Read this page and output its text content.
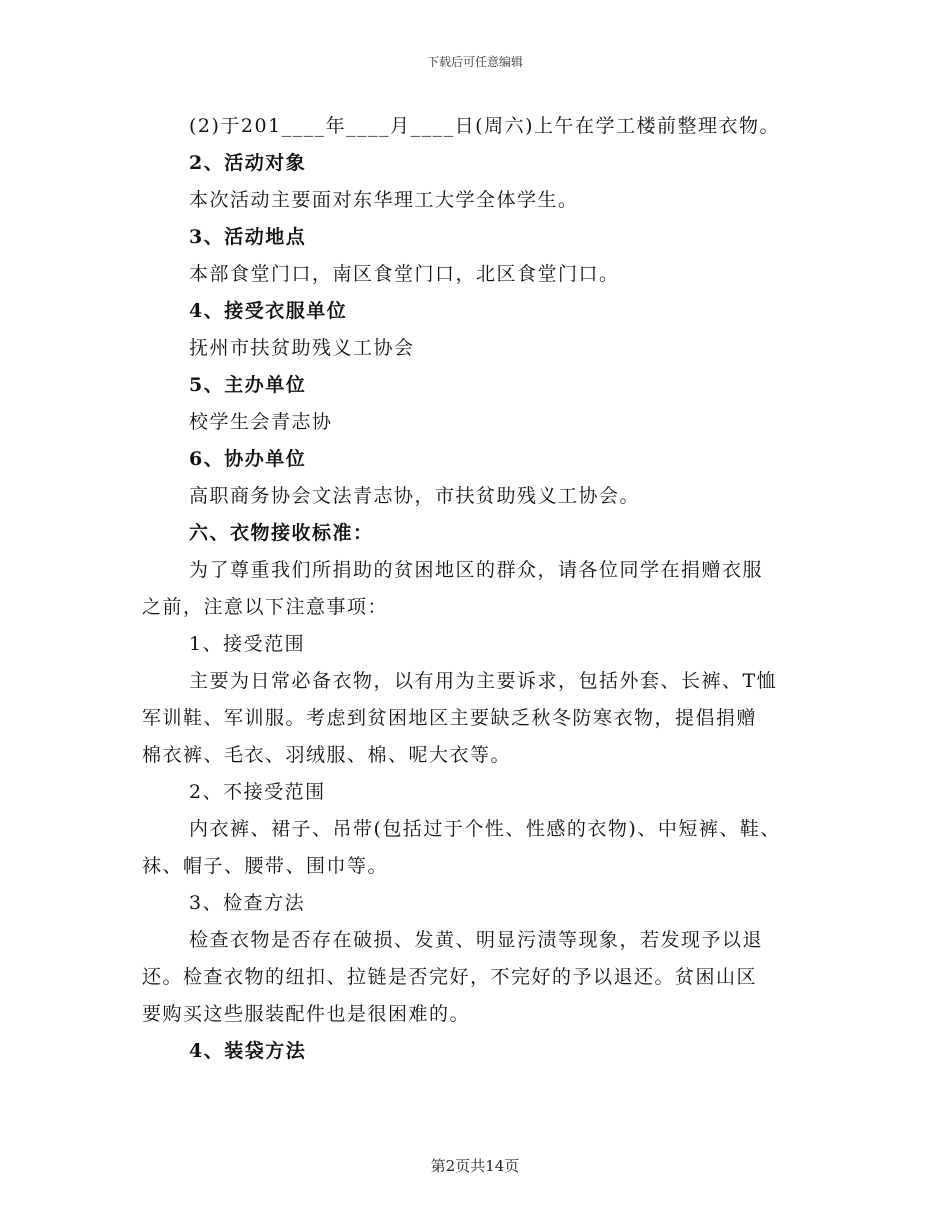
下载后可任意编辑
(2)于201____年____月____日(周六)上午在学工楼前整理衣物。
2、活动对象
本次活动主要面对东华理工大学全体学生。
3、活动地点
本部食堂门口，南区食堂门口，北区食堂门口。
4、接受衣服单位
抚州市扶贫助残义工协会
5、主办单位
校学生会青志协
6、协办单位
高职商务协会文法青志协，市扶贫助残义工协会。
六、衣物接收标准：
为了尊重我们所捐助的贫困地区的群众，请各位同学在捐赠衣服
之前，注意以下注意事项：
1、接受范围
主要为日常必备衣物，以有用为主要诉求，包括外套、长裤、T恤
军训鞋、军训服。考虑到贫困地区主要缺乏秋冬防寒衣物，提倡捐赠
棉衣裤、毛衣、羽绒服、棉、呢大衣等。
2、不接受范围
内衣裤、裙子、吊带(包括过于个性、性感的衣物)、中短裤、鞋、
袜、帽子、腰带、围巾等。
3、检查方法
检查衣物是否存在破损、发黄、明显污渍等现象，若发现予以退
还。检查衣物的纽扣、拉链是否完好，不完好的予以退还。贫困山区
要购买这些服装配件也是很困难的。
4、装袋方法
第2页共14页
